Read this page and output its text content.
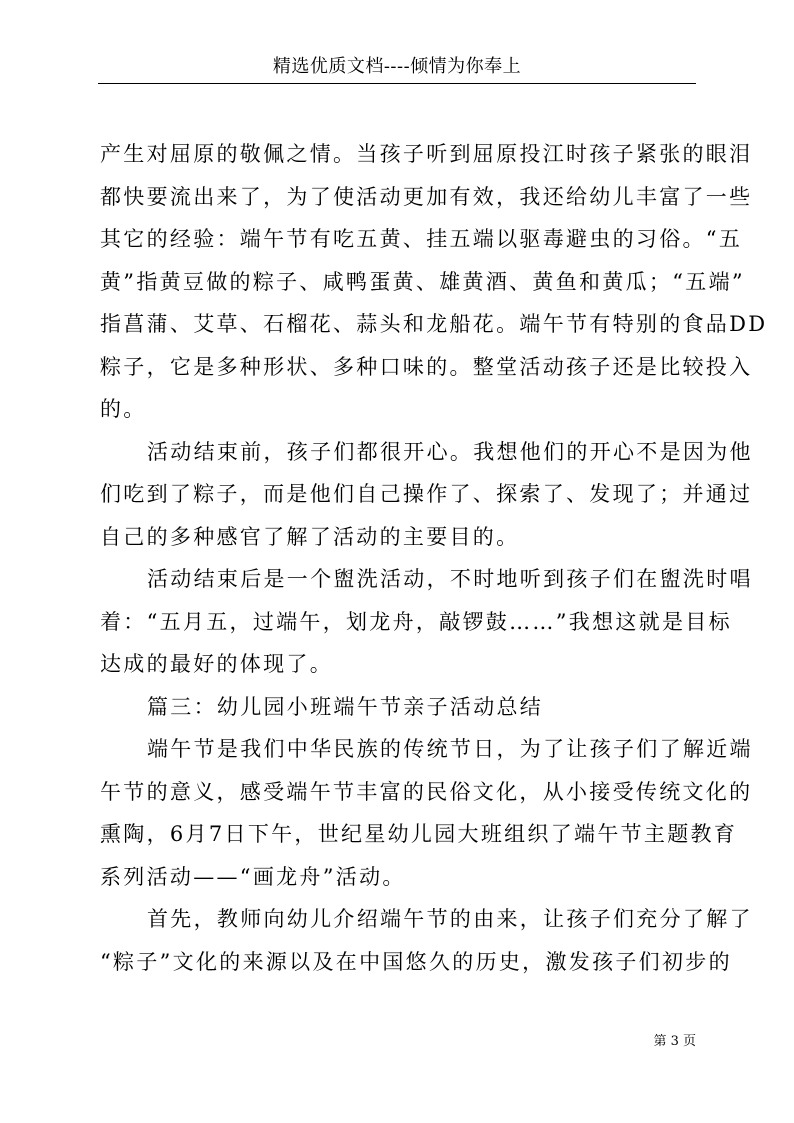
精选优质文档----倾情为你奉上
产生对屈原的敬佩之情。当孩子听到屈原投江时孩子紧张的眼泪
都快要流出来了，为了使活动更加有效，我还给幼儿丰富了一些
其它的经验：端午节有吃五黄、挂五端以驱毒避虫的习俗。“五
黄”指黄豆做的粽子、咸鸭蛋黄、雄黄酒、黄鱼和黄瓜；“五端”
指菖蒲、艾草、石榴花、蒜头和龙船花。端午节有特别的食品DD
粽子，它是多种形状、多种口味的。整堂活动孩子还是比较投入
的。
活动结束前，孩子们都很开心。我想他们的开心不是因为他
们吃到了粽子，而是他们自己操作了、探索了、发现了；并通过
自己的多种感官了解了活动的主要目的。
活动结束后是一个盥洗活动，不时地听到孩子们在盥洗时唱
着：“五月五，过端午，划龙舟，敲锣鼓……”我想这就是目标
达成的最好的体现了。
篇三：幼儿园小班端午节亲子活动总结
端午节是我们中华民族的传统节日，为了让孩子们了解近端
午节的意义，感受端午节丰富的民俗文化，从小接受传统文化的
熏陶，6月7日下午，世纪星幼儿园大班组织了端午节主题教育
系列活动——“画龙舟”活动。
首先，教师向幼儿介绍端午节的由来，让孩子们充分了解了
“粽子”文化的来源以及在中国悠久的历史，激发孩子们初步的
第 3 页
